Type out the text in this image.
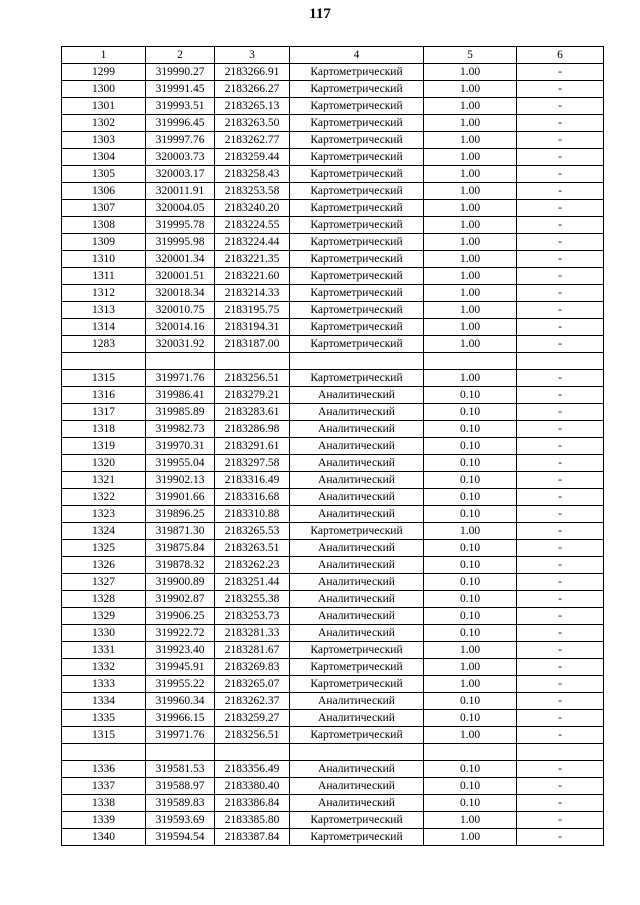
117
1	2	3	4	5	6
1299	319990.27	2183266.91	Картометрический	1.00	-
1300	319991.45	2183266.27	Картометрический	1.00	-
1301	319993.51	2183265.13	Картометрический	1.00	-
1302	319996.45	2183263.50	Картометрический	1.00	-
1303	319997.76	2183262.77	Картометрический	1.00	-
1304	320003.73	2183259.44	Картометрический	1.00	-
1305	320003.17	2183258.43	Картометрический	1.00	-
1306	320011.91	2183253.58	Картометрический	1.00	-
1307	320004.05	2183240.20	Картометрический	1.00	-
1308	319995.78	2183224.55	Картометрический	1.00	-
1309	319995.98	2183224.44	Картометрический	1.00	-
1310	320001.34	2183221.35	Картометрический	1.00	-
1311	320001.51	2183221.60	Картометрический	1.00	-
1312	320018.34	2183214.33	Картометрический	1.00	-
1313	320010.75	2183195.75	Картометрический	1.00	-
1314	320014.16	2183194.31	Картометрический	1.00	-
1283	320031.92	2183187.00	Картометрический	1.00	-

1315	319971.76	2183256.51	Картометрический	1.00	-
1316	319986.41	2183279.21	Аналитический	0.10	-
1317	319985.89	2183283.61	Аналитический	0.10	-
1318	319982.73	2183286.98	Аналитический	0.10	-
1319	319970.31	2183291.61	Аналитический	0.10	-
1320	319955.04	2183297.58	Аналитический	0.10	-
1321	319902.13	2183316.49	Аналитический	0.10	-
1322	319901.66	2183316.68	Аналитический	0.10	-
1323	319896.25	2183310.88	Аналитический	0.10	-
1324	319871.30	2183265.53	Картометрический	1.00	-
1325	319875.84	2183263.51	Аналитический	0.10	-
1326	319878.32	2183262.23	Аналитический	0.10	-
1327	319900.89	2183251.44	Аналитический	0.10	-
1328	319902.87	2183255.38	Аналитический	0.10	-
1329	319906.25	2183253.73	Аналитический	0.10	-
1330	319922.72	2183281.33	Аналитический	0.10	-
1331	319923.40	2183281.67	Картометрический	1.00	-
1332	319945.91	2183269.83	Картометрический	1.00	-
1333	319955.22	2183265.07	Картометрический	1.00	-
1334	319960.34	2183262.37	Аналитический	0.10	-
1335	319966.15	2183259.27	Аналитический	0.10	-
1315	319971.76	2183256.51	Картометрический	1.00	-

1336	319581.53	2183356.49	Аналитический	0.10	-
1337	319588.97	2183380.40	Аналитический	0.10	-
1338	319589.83	2183386.84	Аналитический	0.10	-
1339	319593.69	2183385.80	Картометрический	1.00	-
1340	319594.54	2183387.84	Картометрический	1.00	-
